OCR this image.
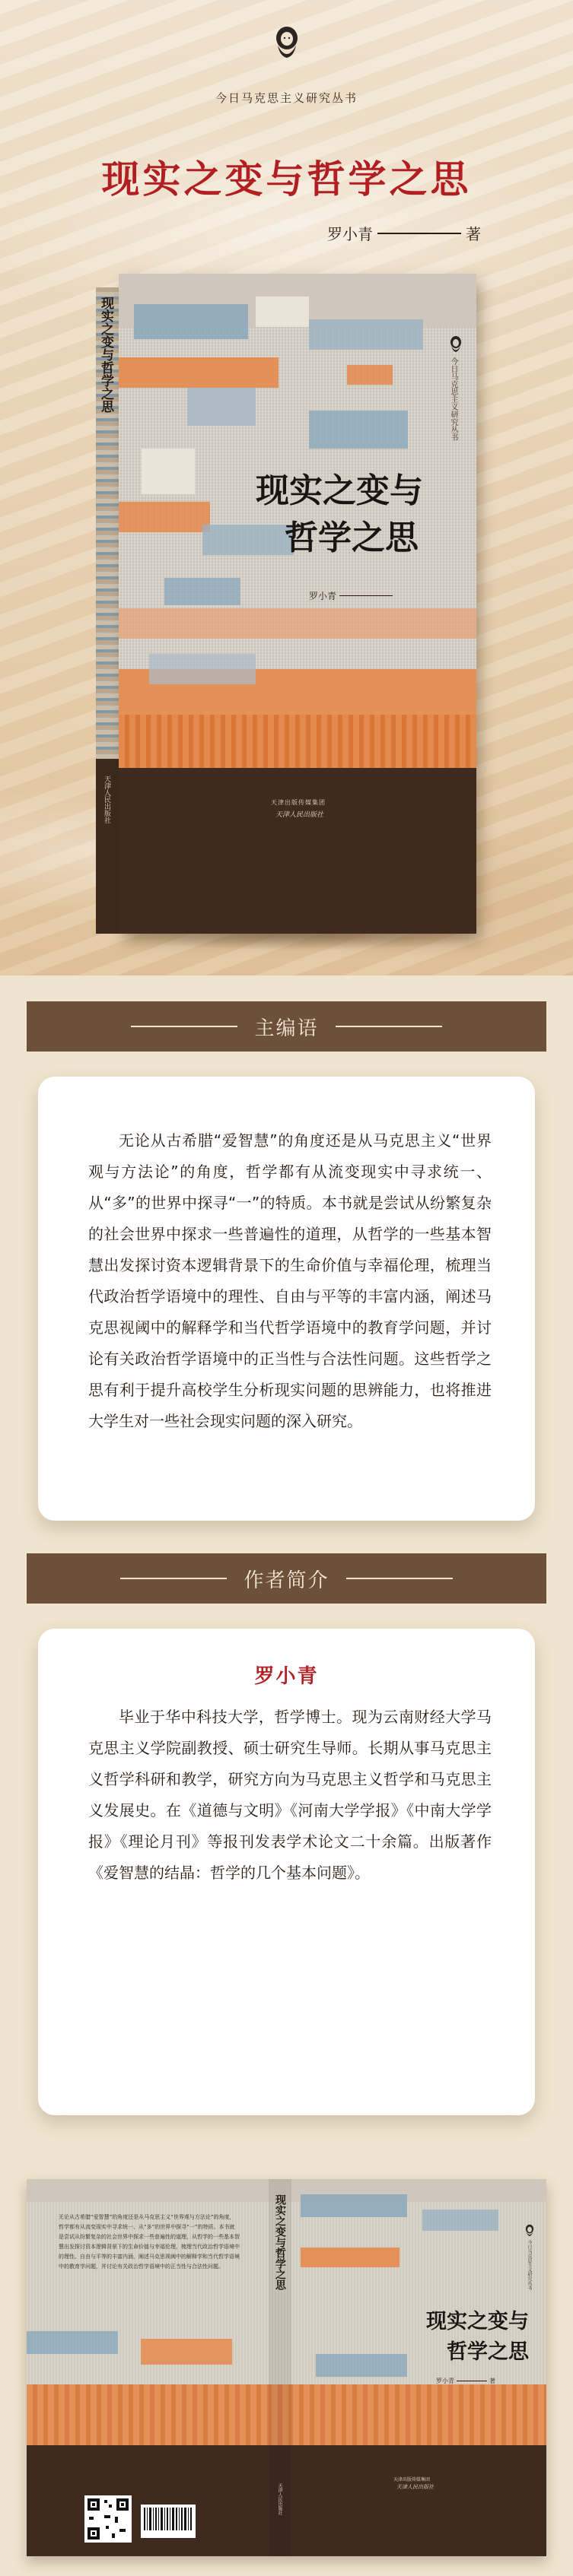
今日马克思主义研究丛书
现实之变与哲学之思
罗小青	著
现实之变与哲学之思
天津人民出版社
今日马克思主义研究丛书
现实之变与
哲学之思
罗小青
天津出版传媒集团
天津人民出版社
主编语

无论从古希腊“爱智慧”的角度还是从马克思主义“世界观与方法论”的角度，哲学都有从流变现实中寻求统一、从“多”的世界中探寻“一”的特质。本书就是尝试从纷繁复杂的社会世界中探求一些普遍性的道理，从哲学的一些基本智慧出发探讨资本逻辑背景下的生命价值与幸福伦理，梳理当代政治哲学语境中的理性、自由与平等的丰富内涵，阐述马克思视阈中的解释学和当代哲学语境中的教育学问题，并讨论有关政治哲学语境中的正当性与合法性问题。这些哲学之思有利于提升高校学生分析现实问题的思辨能力，也将推进大学生对一些社会现实问题的深入研究。

作者简介
罗小青

毕业于华中科技大学，哲学博士。现为云南财经大学马克思主义学院副教授、硕士研究生导师。长期从事马克思主义哲学科研和教学，研究方向为马克思主义哲学和马克思主义发展史。在《道德与文明》《河南大学学报》《中南大学学报》《理论月刊》等报刊发表学术论文二十余篇。出版著作《爱智慧的结晶：哲学的几个基本问题》。

无论从古希腊“爱智慧”的角度还是从马克思主义“世界观与方法论”的角度，哲学都有从流变现实中寻求统一、从“多”的世界中探寻“一”的特质。本书就是尝试从纷繁复杂的社会世界中探求一些普遍性的道理，从哲学的一些基本智慧出发探讨资本逻辑背景下的生命价值与幸福伦理，梳理当代政治哲学语境中的理性、自由与平等的丰富内涵，阐述马克思视阈中的解释学和当代哲学语境中的教育学问题，并讨论有关政治哲学语境中的正当性与合法性问题。	现实之变与哲学之思
天津人民出版社
今日马克思主义研究丛书
现实之变与
哲学之思
罗小青	著
天津出版传媒集团
天津人民出版社
